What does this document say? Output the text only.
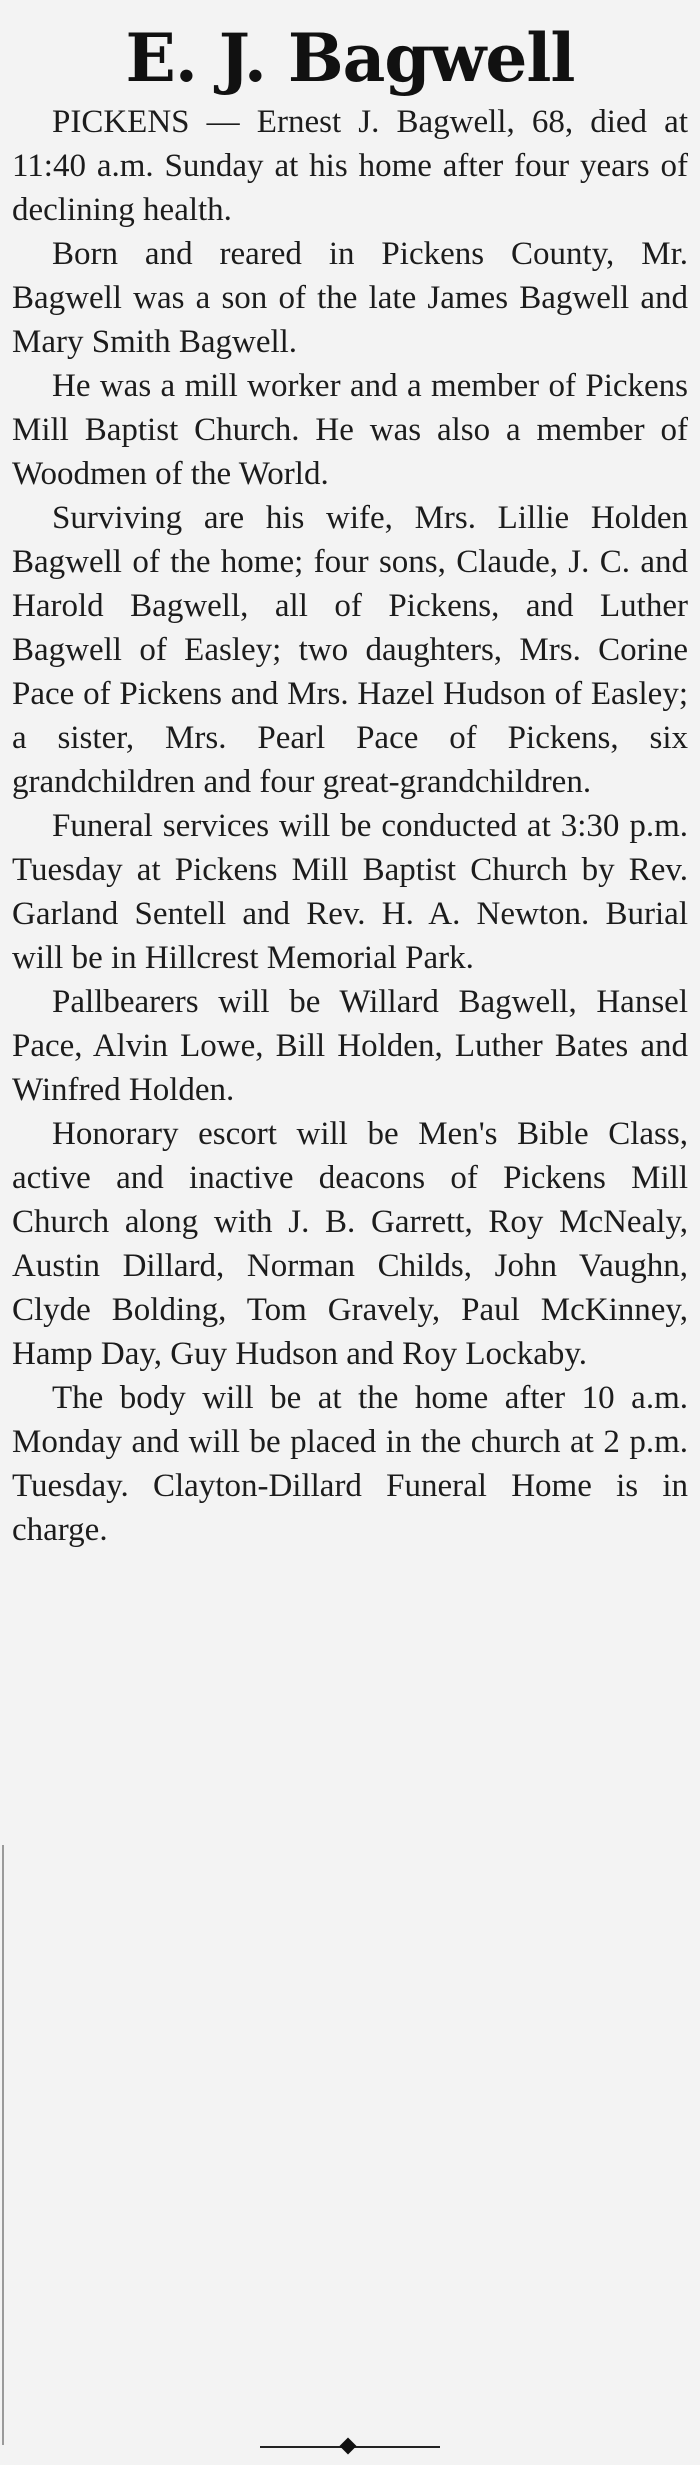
E. J. Bagwell

PICKENS — Ernest J. Bagwell, 68, died at 11:40 a.m. Sunday at his home after four years of declining health.

Born and reared in Pickens County, Mr. Bagwell was a son of the late James Bagwell and Mary Smith Bagwell.

He was a mill worker and a member of Pickens Mill Baptist Church. He was also a member of Woodmen of the World.

Surviving are his wife, Mrs. Lillie Holden Bagwell of the home; four sons, Claude, J. C. and Harold Bagwell, all of Pickens, and Luther Bagwell of Easley; two daughters, Mrs. Corine Pace of Pickens and Mrs. Hazel Hudson of Easley; a sister, Mrs. Pearl Pace of Pickens, six grandchildren and four great-grandchildren.

Funeral services will be conducted at 3:30 p.m. Tuesday at Pickens Mill Baptist Church by Rev. Garland Sentell and Rev. H. A. Newton. Burial will be in Hillcrest Memorial Park.

Pallbearers will be Willard Bagwell, Hansel Pace, Alvin Lowe, Bill Holden, Luther Bates and Winfred Holden.

Honorary escort will be Men's Bible Class, active and inactive deacons of Pickens Mill Church along with J. B. Garrett, Roy McNealy, Austin Dillard, Norman Childs, John Vaughn, Clyde Bolding, Tom Gravely, Paul McKinney, Hamp Day, Guy Hudson and Roy Lockaby.

The body will be at the home after 10 a.m. Monday and will be placed in the church at 2 p.m. Tuesday. Clayton-Dillard Funeral Home is in charge.
